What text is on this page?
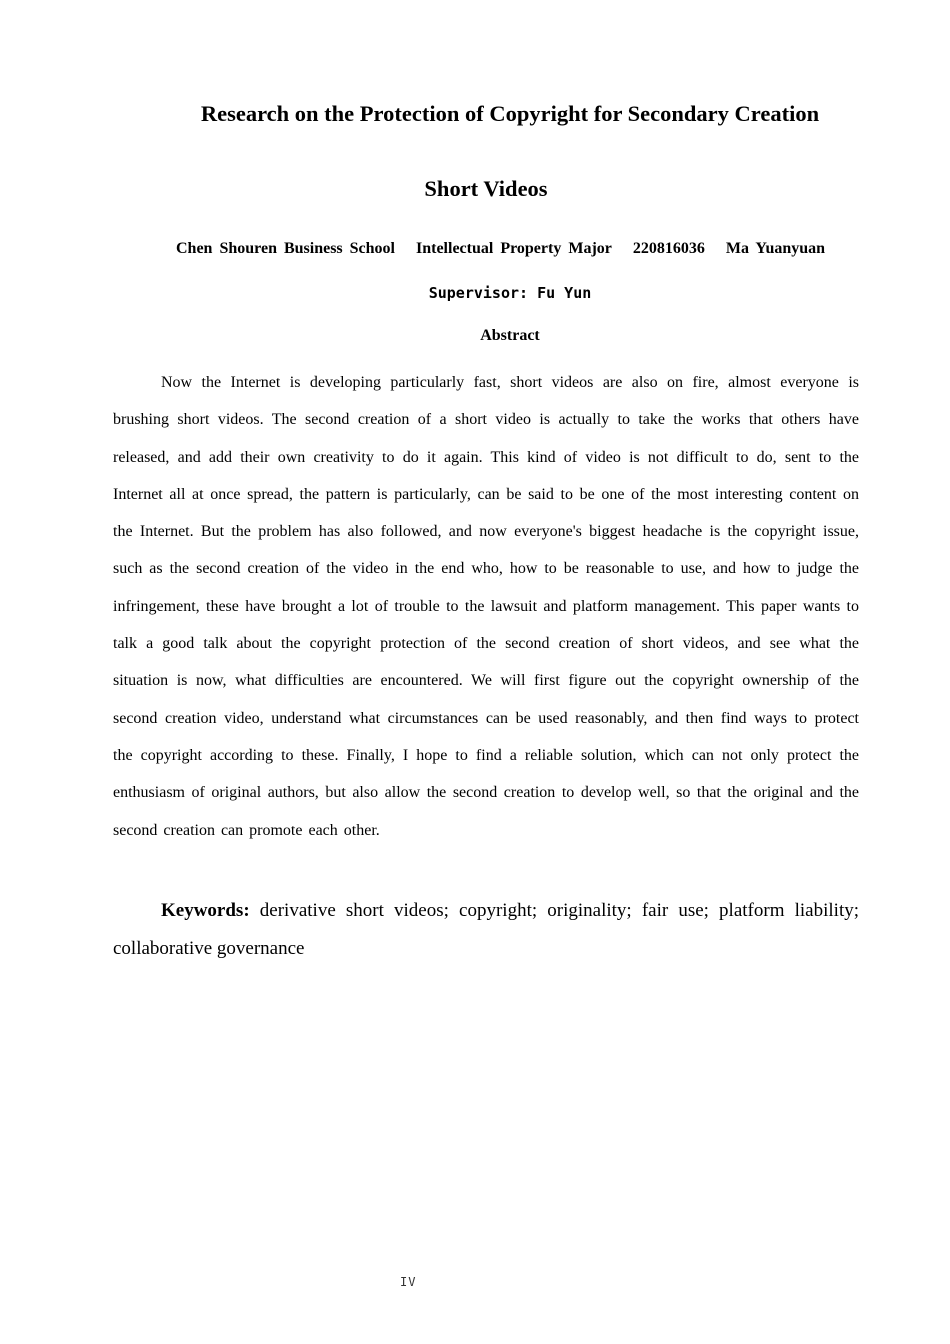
Research on the Protection of Copyright for Secondary Creation
Short Videos
Chen Shouren Business School Intellectual Property Major 220816036 Ma Yuanyuan
Supervisor: Fu Yun
Abstract

Now the Internet is developing particularly fast, short videos are also on fire, almost everyone is brushing short videos. The second creation of a short video is actually to take the works that others have released, and add their own creativity to do it again. This kind of video is not difficult to do, sent to the Internet all at once spread, the pattern is particularly, can be said to be one of the most interesting content on the Internet. But the problem has also followed, and now everyone's biggest headache is the copyright issue, such as the second creation of the video in the end who, how to be reasonable to use, and how to judge the infringement, these have brought a lot of trouble to the lawsuit and platform management. This paper wants to talk a good talk about the copyright protection of the second creation of short videos, and see what the situation is now, what difficulties are encountered. We will first figure out the copyright ownership of the second creation video, understand what circumstances can be used reasonably, and then find ways to protect the copyright according to these. Finally, I hope to find a reliable solution, which can not only protect the enthusiasm of original authors, but also allow the second creation to develop well, so that the original and the second creation can promote each other.

Keywords: derivative short videos; copyright; originality; fair use; platform liability; collaborative governance

IV
